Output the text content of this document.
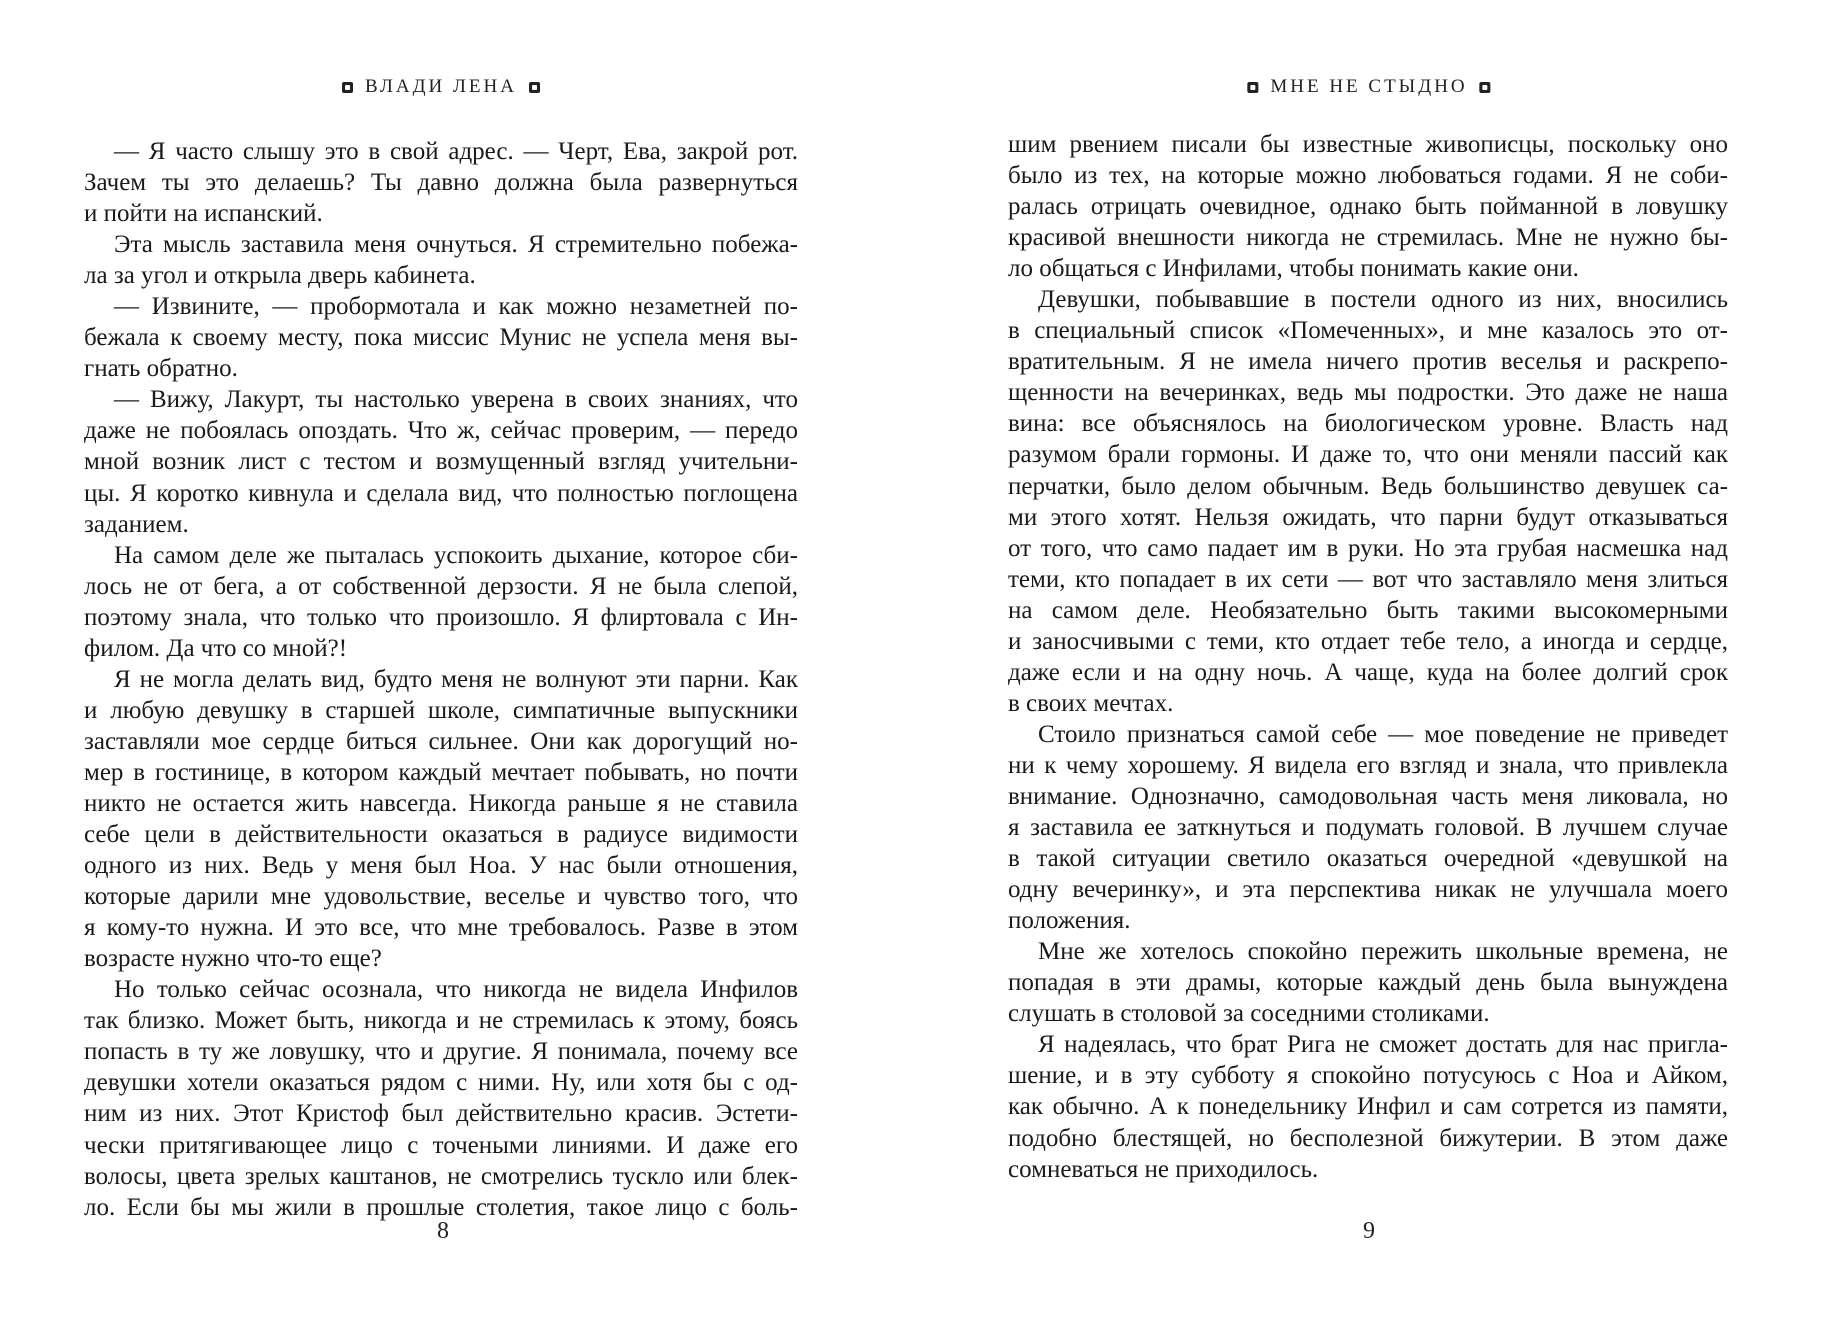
ВЛАДИ ЛЕНА
— Я часто слышу это в свой адрес. — Черт, Ева, закрой рот.
Зачем ты это делаешь? Ты давно должна была развернуться
и пойти на испанский.
Эта мысль заставила меня очнуться. Я стремительно побежа-
ла за угол и открыла дверь кабинета.
— Извините, — пробормотала и как можно незаметней по-
бежала к своему месту, пока миссис Мунис не успела меня вы-
гнать обратно.
— Вижу, Лакурт, ты настолько уверена в своих знаниях, что
даже не побоялась опоздать. Что ж, сейчас проверим, — передо
мной возник лист с тестом и возмущенный взгляд учительни-
цы. Я коротко кивнула и сделала вид, что полностью поглощена
заданием.
На самом деле же пыталась успокоить дыхание, которое сби-
лось не от бега, а от собственной дерзости. Я не была слепой,
поэтому знала, что только что произошло. Я флиртовала с Ин-
филом. Да что со мной?!
Я не могла делать вид, будто меня не волнуют эти парни. Как
и любую девушку в старшей школе, симпатичные выпускники
заставляли мое сердце биться сильнее. Они как дорогущий но-
мер в гостинице, в котором каждый мечтает побывать, но почти
никто не остается жить навсегда. Никогда раньше я не ставила
себе цели в действительности оказаться в радиусе видимости
одного из них. Ведь у меня был Ноа. У нас были отношения,
которые дарили мне удовольствие, веселье и чувство того, что
я кому-то нужна. И это все, что мне требовалось. Разве в этом
возрасте нужно что-то еще?
Но только сейчас осознала, что никогда не видела Инфилов
так близко. Может быть, никогда и не стремилась к этому, боясь
попасть в ту же ловушку, что и другие. Я понимала, почему все
девушки хотели оказаться рядом с ними. Ну, или хотя бы с од-
ним из них. Этот Кристоф был действительно красив. Эстети-
чески притягивающее лицо с точеными линиями. И даже его
волосы, цвета зрелых каштанов, не смотрелись тускло или блек-
ло. Если бы мы жили в прошлые столетия, такое лицо с боль-
8
МНЕ НЕ СТЫДНО
шим рвением писали бы известные живописцы, поскольку оно
было из тех, на которые можно любоваться годами. Я не соби-
ралась отрицать очевидное, однако быть пойманной в ловушку
красивой внешности никогда не стремилась. Мне не нужно бы-
ло общаться с Инфилами, чтобы понимать какие они.
Девушки, побывавшие в постели одного из них, вносились
в специальный список «Помеченных», и мне казалось это от-
вратительным. Я не имела ничего против веселья и раскрепо-
щенности на вечеринках, ведь мы подростки. Это даже не наша
вина: все объяснялось на биологическом уровне. Власть над
разумом брали гормоны. И даже то, что они меняли пассий как
перчатки, было делом обычным. Ведь большинство девушек са-
ми этого хотят. Нельзя ожидать, что парни будут отказываться
от того, что само падает им в руки. Но эта грубая насмешка над
теми, кто попадает в их сети — вот что заставляло меня злиться
на самом деле. Необязательно быть такими высокомерными
и заносчивыми с теми, кто отдает тебе тело, а иногда и сердце,
даже если и на одну ночь. А чаще, куда на более долгий срок
в своих мечтах.
Стоило признаться самой себе — мое поведение не приведет
ни к чему хорошему. Я видела его взгляд и знала, что привлекла
внимание. Однозначно, самодовольная часть меня ликовала, но
я заставила ее заткнуться и подумать головой. В лучшем случае
в такой ситуации светило оказаться очередной «девушкой на
одну вечеринку», и эта перспектива никак не улучшала моего
положения.
Мне же хотелось спокойно пережить школьные времена, не
попадая в эти драмы, которые каждый день была вынуждена
слушать в столовой за соседними столиками.
Я надеялась, что брат Рига не сможет достать для нас пригла-
шение, и в эту субботу я спокойно потусуюсь с Ноа и Айком,
как обычно. А к понедельнику Инфил и сам сотрется из памяти,
подобно блестящей, но бесполезной бижутерии. В этом даже
сомневаться не приходилось.
9
